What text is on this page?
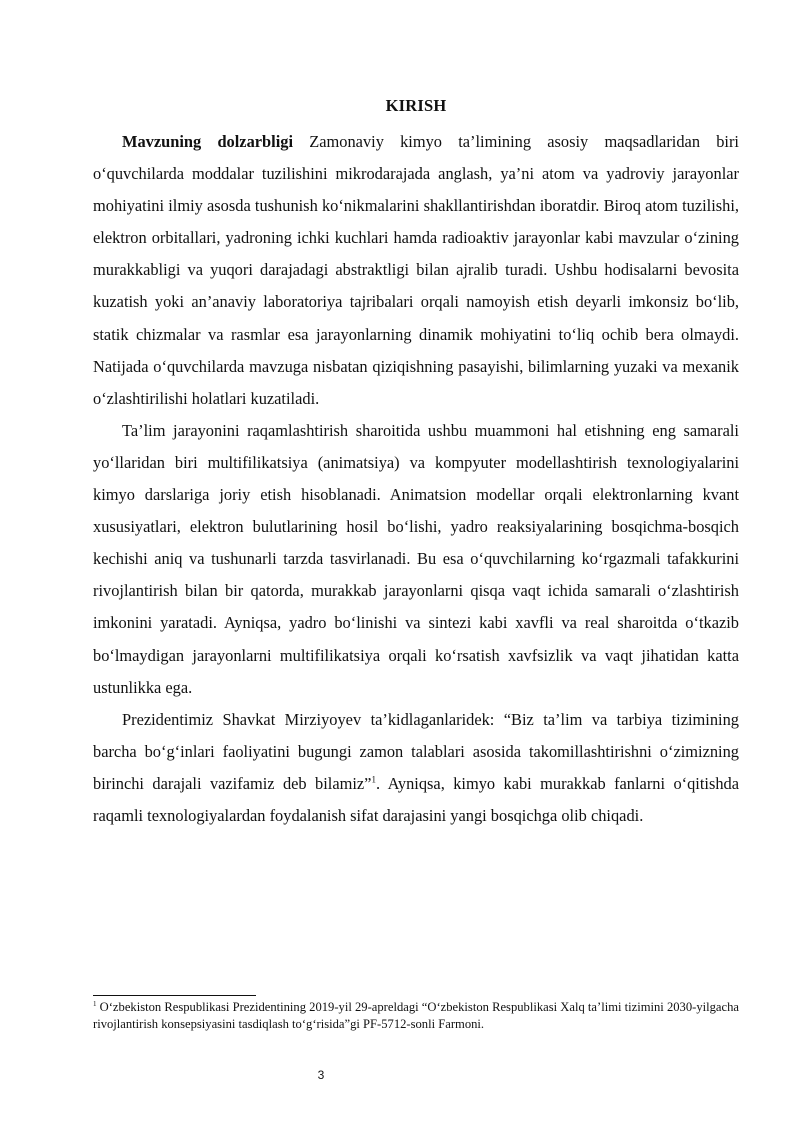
KIRISH

Mavzuning dolzarbligi Zamonaviy kimyo ta’limining asosiy maqsadlaridan biri o‘quvchilarda moddalar tuzilishini mikrodarajada anglash, ya’ni atom va yadroviy jarayonlar mohiyatini ilmiy asosda tushunish ko‘nikmalarini shakllantirishdan iboratdir. Biroq atom tuzilishi, elektron orbitallari, yadroning ichki kuchlari hamda radioaktiv jarayonlar kabi mavzular o‘zining murakkabligi va yuqori darajadagi abstraktligi bilan ajralib turadi. Ushbu hodisalarni bevosita kuzatish yoki an’anaviy laboratoriya tajribalari orqali namoyish etish deyarli imkonsiz bo‘lib, statik chizmalar va rasmlar esa jarayonlarning dinamik mohiyatini to‘liq ochib bera olmaydi. Natijada o‘quvchilarda mavzuga nisbatan qiziqishning pasayishi, bilimlarning yuzaki va mexanik o‘zlashtirilishi holatlari kuzatiladi.

Ta’lim jarayonini raqamlashtirish sharoitida ushbu muammoni hal etishning eng samarali yo‘llaridan biri multifilikatsiya (animatsiya) va kompyuter modellashtirish texnologiyalarini kimyo darslariga joriy etish hisoblanadi. Animatsion modellar orqali elektronlarning kvant xususiyatlari, elektron bulutlarining hosil bo‘lishi, yadro reaksiyalarining bosqichma-bosqich kechishi aniq va tushunarli tarzda tasvirlanadi. Bu esa o‘quvchilarning ko‘rgazmali tafakkurini rivojlantirish bilan bir qatorda, murakkab jarayonlarni qisqa vaqt ichida samarali o‘zlashtirish imkonini yaratadi. Ayniqsa, yadro bo‘linishi va sintezi kabi xavfli va real sharoitda o‘tkazib bo‘lmaydigan jarayonlarni multifilikatsiya orqali ko‘rsatish xavfsizlik va vaqt jihatidan katta ustunlikka ega.

Prezidentimiz Shavkat Mirziyoyev ta’kidlaganlaridek: “Biz ta’lim va tarbiya tizimining barcha bo‘g‘inlari faoliyatini bugungi zamon talablari asosida takomillashtirishni o‘zimizning birinchi darajali vazifamiz deb bilamiz”$^1$. Ayniqsa, kimyo kabi murakkab fanlarni o‘qitishda raqamli texnologiyalardan foydalanish sifat darajasini yangi bosqichga olib chiqadi.

$^1$ O‘zbekiston Respublikasi Prezidentining 2019-yil 29-apreldagi “O‘zbekiston Respublikasi Xalq ta’limi tizimini 2030-yilgacha rivojlantirish konsepsiyasini tasdiqlash to‘g‘risida”gi PF-5712-sonli Farmoni.
3
